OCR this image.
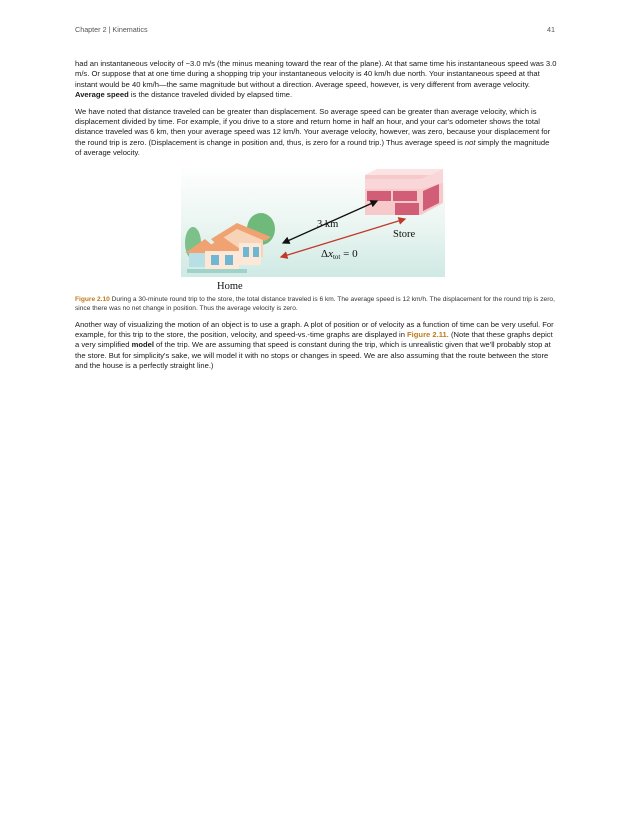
Chapter 2 | Kinematics	41

had an instantaneous velocity of −3.0 m/s (the minus meaning toward the rear of the plane). At that same time his instantaneous speed was 3.0 m/s. Or suppose that at one time during a shopping trip your instantaneous velocity is 40 km/h due north. Your instantaneous speed at that instant would be 40 km/h—the same magnitude but without a direction. Average speed, however, is very different from average velocity. Average speed is the distance traveled divided by elapsed time.

We have noted that distance traveled can be greater than displacement. So average speed can be greater than average velocity, which is displacement divided by time. For example, if you drive to a store and return home in half an hour, and your car's odometer shows the total distance traveled was 6 km, then your average speed was 12 km/h. Your average velocity, however, was zero, because your displacement for the round trip is zero. (Displacement is change in position and, thus, is zero for a round trip.) Thus average speed is not simply the magnitude of average velocity.

3 km
Store
Δxtot = 0
Home

Figure 2.10 During a 30-minute round trip to the store, the total distance traveled is 6 km. The average speed is 12 km/h. The displacement for the round trip is zero, since there was no net change in position. Thus the average velocity is zero.

Another way of visualizing the motion of an object is to use a graph. A plot of position or of velocity as a function of time can be very useful. For example, for this trip to the store, the position, velocity, and speed-vs.-time graphs are displayed in Figure 2.11. (Note that these graphs depict a very simplified model of the trip. We are assuming that speed is constant during the trip, which is unrealistic given that we'll probably stop at the store. But for simplicity's sake, we will model it with no stops or changes in speed. We are also assuming that the route between the store and the house is a perfectly straight line.)
